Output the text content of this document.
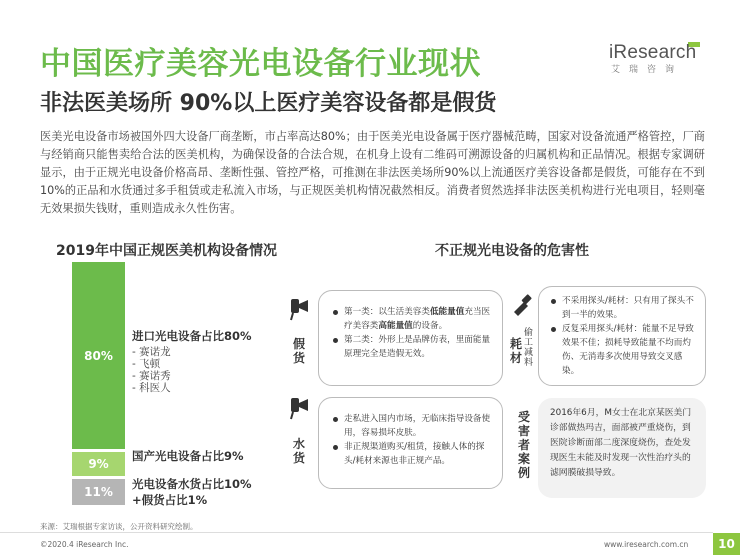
中国医疗美容光电设备行业现状
非法医美场所 90%以上医疗美容设备都是假货
iResearch
艾瑞咨询
医美光电设备市场被国外四大设备厂商垄断，市占率高达80%；由于医美光电设备属于医疗器械范畴，国家对设备流通严格管控，厂商与经销商只能售卖给合法的医美机构，为确保设备的合法合规，在机身上设有二维码可溯源设备的归属机构和正品情况。根据专家调研显示，由于正规光电设备价格高昂、垄断性强、管控严格，可推测在非法医美场所90%以上流通医疗美容设备都是假货，可能存在不到10%的正品和水货通过多手租赁或走私流入市场，与正规医美机构情况截然相反。消费者贸然选择非法医美机构进行光电项目，轻则毫无效果损失钱财，重则造成永久性伤害。
2019年中国正规医美机构设备情况
80%
9%
11%
进口光电设备占比80%
- 赛诺龙
- 飞顿
- 赛诺秀
- 科医人
国产光电设备占比9%
光电设备水货占比10%
+假货占比1%
不正规光电设备的危害性
假货
第一类：以生活美容类低能量值充当医疗美容类高能量值的设备。
第二类：外形上是品牌仿表，里面能量原理完全是造假无效。
水货
走私进入国内市场，无临床指导设备使用，容易损坏皮肤。
非正规渠道购买/租赁，接触人体的探头/耗材来源也非正规产品。
偷工减料
耗材
不采用探头/耗材：只有用了探头不到一半的效果。
反复采用探头/耗材：能量不足导致效果不佳；损耗导致能量不均而灼伤、无消毒多次使用导致交叉感染。
受害者案例
2016年6月，M女士在北京某医美门诊部做热玛吉，面部被严重烧伤，到医院诊断面部二度深度烧伤，查处发现医生未能及时发现一次性治疗头的滤网膜破损导致。
来源：艾瑞根据专家访谈，公开资料研究绘制。
©2020.4 iResearch Inc.	www.iresearch.com.cn	10
